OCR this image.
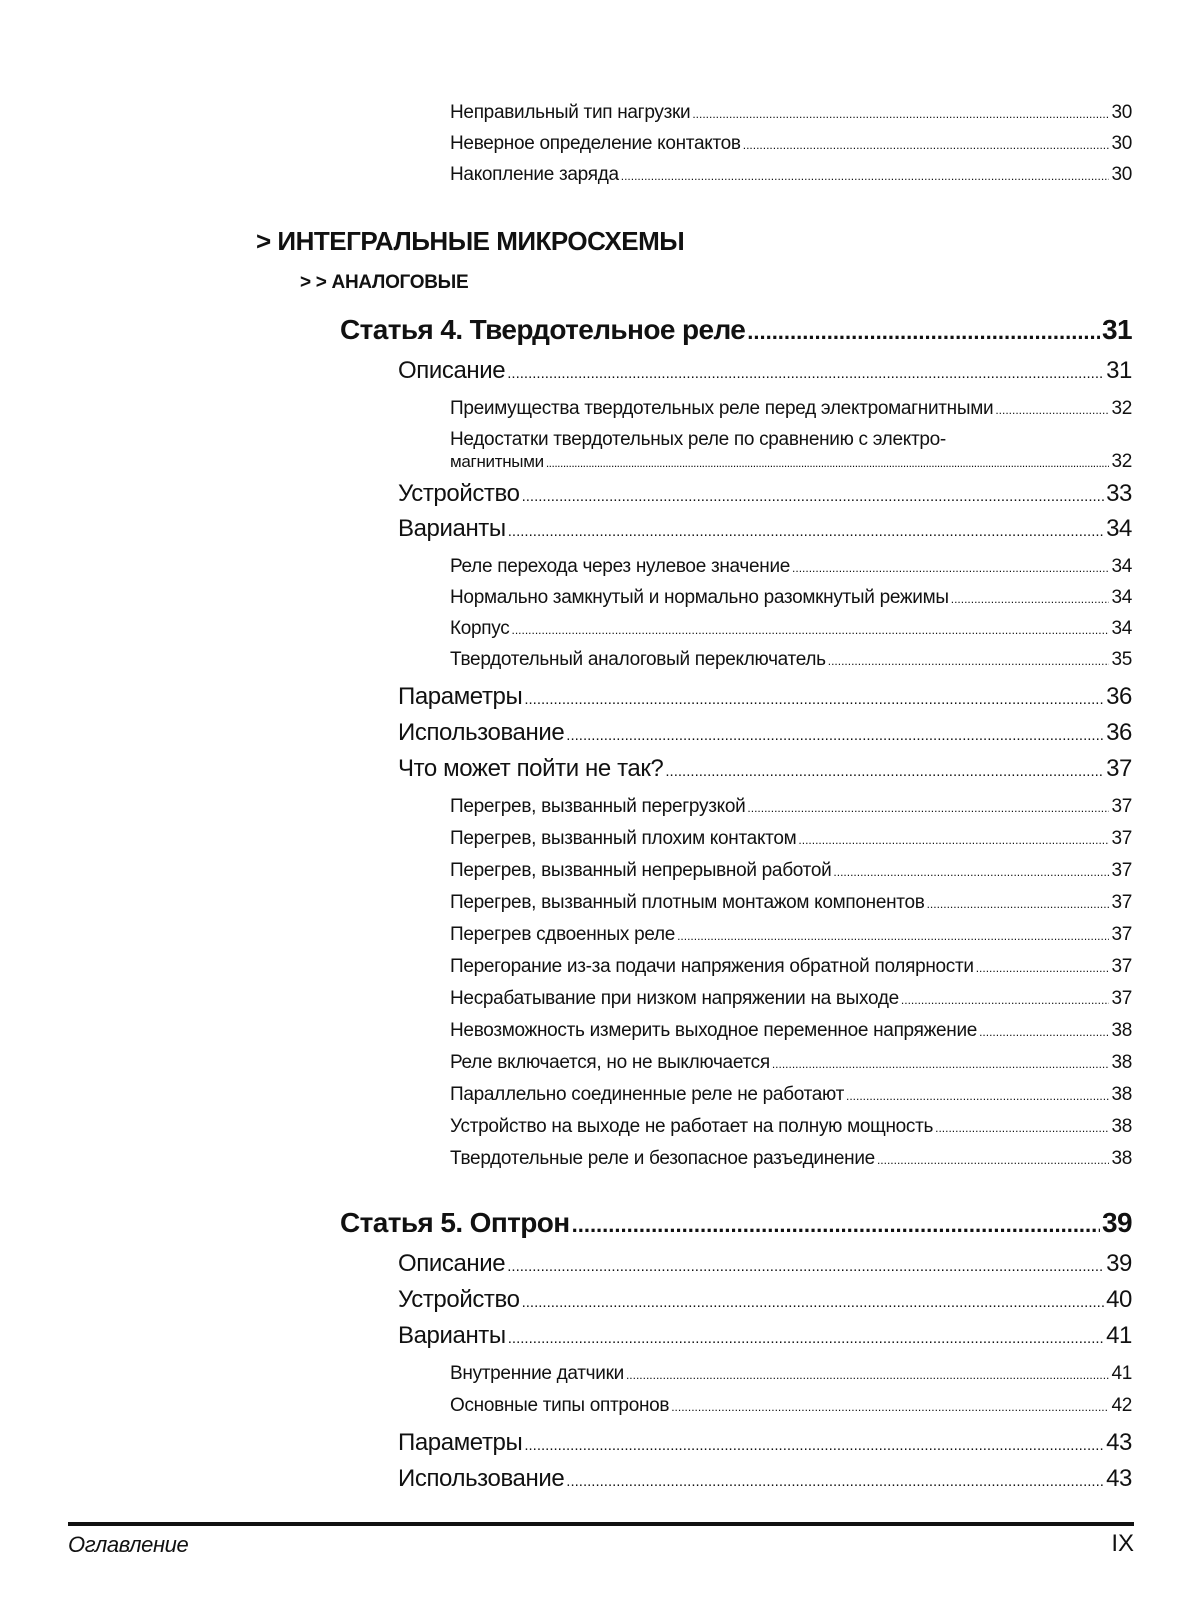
Неправильный тип нагрузки .....	30
Неверное определение контактов .....	30
Накопление заряда .....	30
> ИНТЕГРАЛЬНЫЕ МИКРОСХЕМЫ
> > АНАЛОГОВЫЕ
Статья 4. Твердотельное реле .....	31
Описание .....	31
Преимущества твердотельных реле перед электромагнитными .....	32
Недостатки твердотельных реле по сравнению с электро-
магнитными .....	32
Устройство .....	33
Варианты .....	34
Реле перехода через нулевое значение .....	34
Нормально замкнутый и нормально разомкнутый режимы .....	34
Корпус .....	34
Твердотельный аналоговый переключатель .....	35
Параметры .....	36
Использование .....	36
Что может пойти не так? .....	37
Перегрев, вызванный перегрузкой .....	37
Перегрев, вызванный плохим контактом .....	37
Перегрев, вызванный непрерывной работой .....	37
Перегрев, вызванный плотным монтажом компонентов .....	37
Перегрев сдвоенных реле .....	37
Перегорание из-за подачи напряжения обратной полярности .....	37
Несрабатывание при низком напряжении на выходе .....	37
Невозможность измерить выходное переменное напряжение .....	38
Реле включается, но не выключается .....	38
Параллельно соединенные реле не работают .....	38
Устройство на выходе не работает на полную мощность .....	38
Твердотельные реле и безопасное разъединение .....	38
Статья 5. Оптрон .....	39
Описание .....	39
Устройство .....	40
Варианты .....	41
Внутренние датчики .....	41
Основные типы оптронов .....	42
Параметры .....	43
Использование .....	43
Оглавление	IX
